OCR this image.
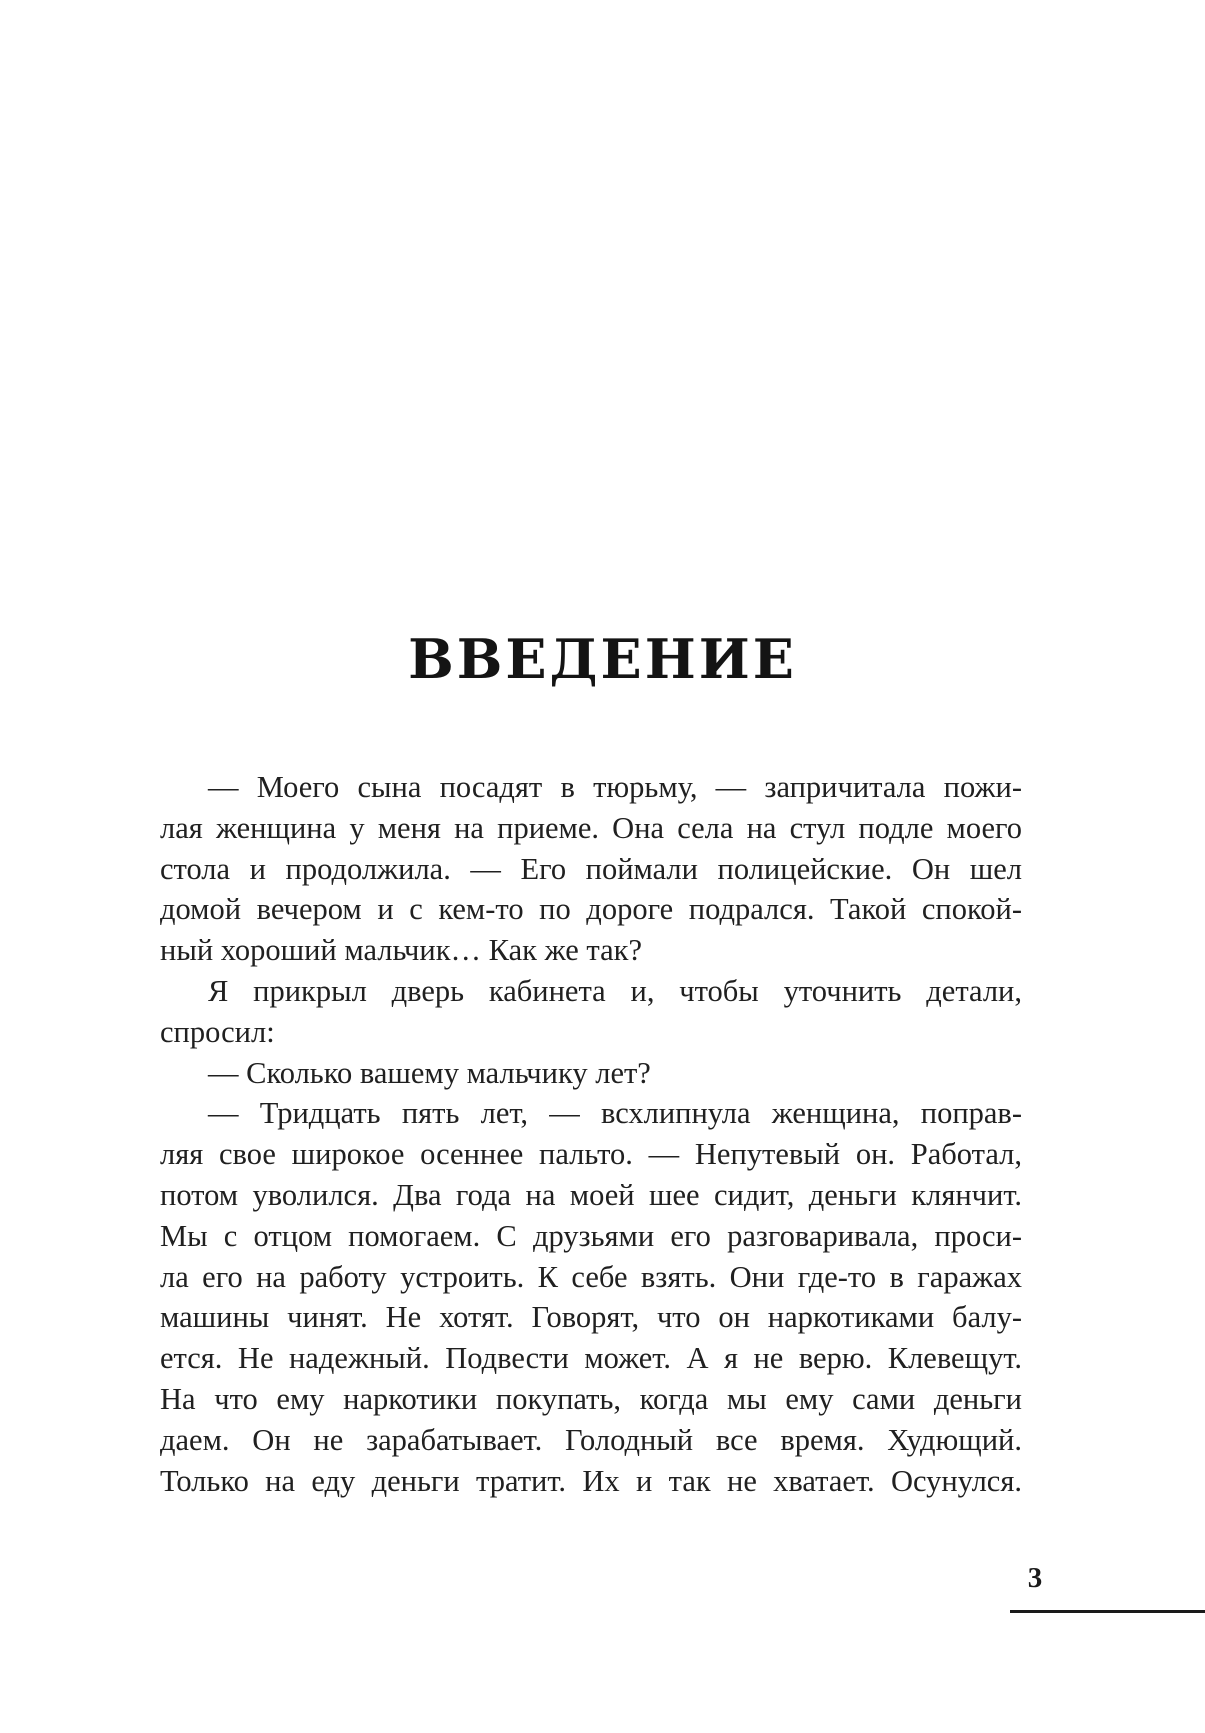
ВВЕДЕНИЕ
— Моего сына посадят в тюрьму, — запричитала пожи-
лая женщина у меня на приеме. Она села на стул подле моего
стола и продолжила. — Его поймали полицейские. Он шел
домой вечером и с кем-то по дороге подрался. Такой спокой-
ный хороший мальчик… Как же так?
Я прикрыл дверь кабинета и, чтобы уточнить детали,
спросил:
— Сколько вашему мальчику лет?
— Тридцать пять лет, — всхлипнула женщина, поправ-
ляя свое широкое осеннее пальто. — Непутевый он. Работал,
потом уволился. Два года на моей шее сидит, деньги клянчит.
Мы с отцом помогаем. С друзьями его разговаривала, проси-
ла его на работу устроить. К себе взять. Они где-то в гаражах
машины чинят. Не хотят. Говорят, что он наркотиками балу-
ется. Не надежный. Подвести может. А я не верю. Клевещут.
На что ему наркотики покупать, когда мы ему сами деньги
даем. Он не зарабатывает. Голодный все время. Худющий.
Только на еду деньги тратит. Их и так не хватает. Осунулся.
3
